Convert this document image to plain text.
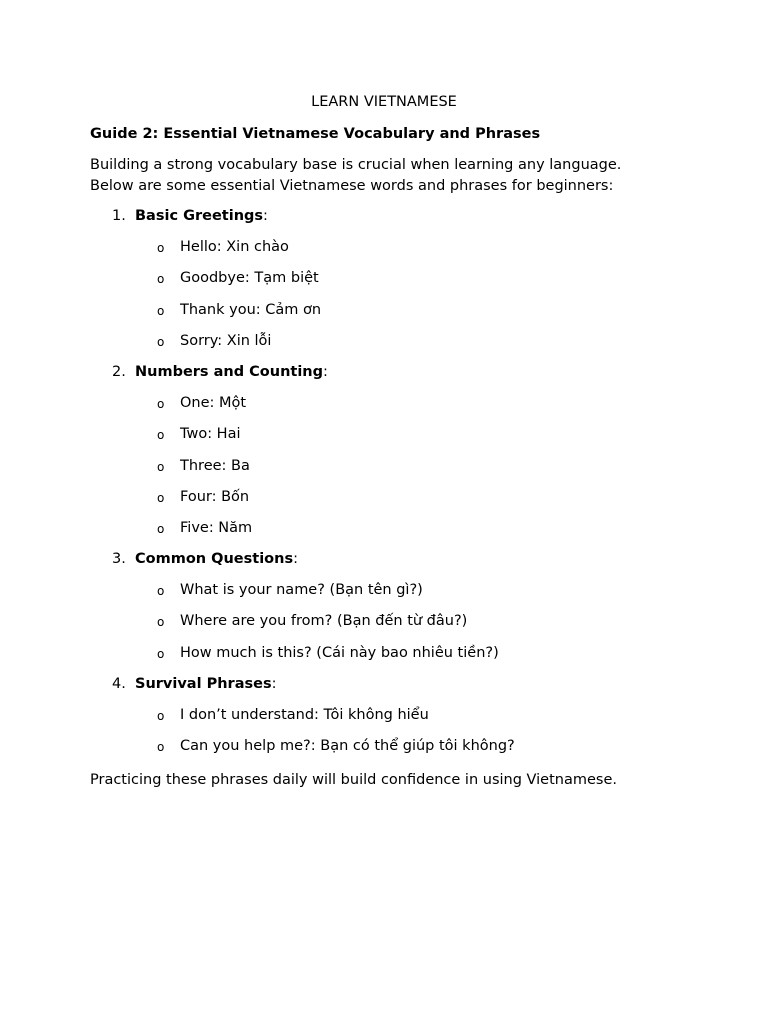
LEARN VIETNAMESE
Guide 2: Essential Vietnamese Vocabulary and Phrases
Building a strong vocabulary base is crucial when learning any language.
Below are some essential Vietnamese words and phrases for beginners:
1. Basic Greetings:
o Hello: Xin chào
o Goodbye: Tạm biệt
o Thank you: Cảm ơn
o Sorry: Xin lỗi
2. Numbers and Counting:
o One: Một
o Two: Hai
o Three: Ba
o Four: Bốn
o Five: Năm
3. Common Questions:
o What is your name? (Bạn tên gì?)
o Where are you from? (Bạn đến từ đâu?)
o How much is this? (Cái này bao nhiêu tiền?)
4. Survival Phrases:
o I don’t understand: Tôi không hiểu
o Can you help me?: Bạn có thể giúp tôi không?
Practicing these phrases daily will build confidence in using Vietnamese.
